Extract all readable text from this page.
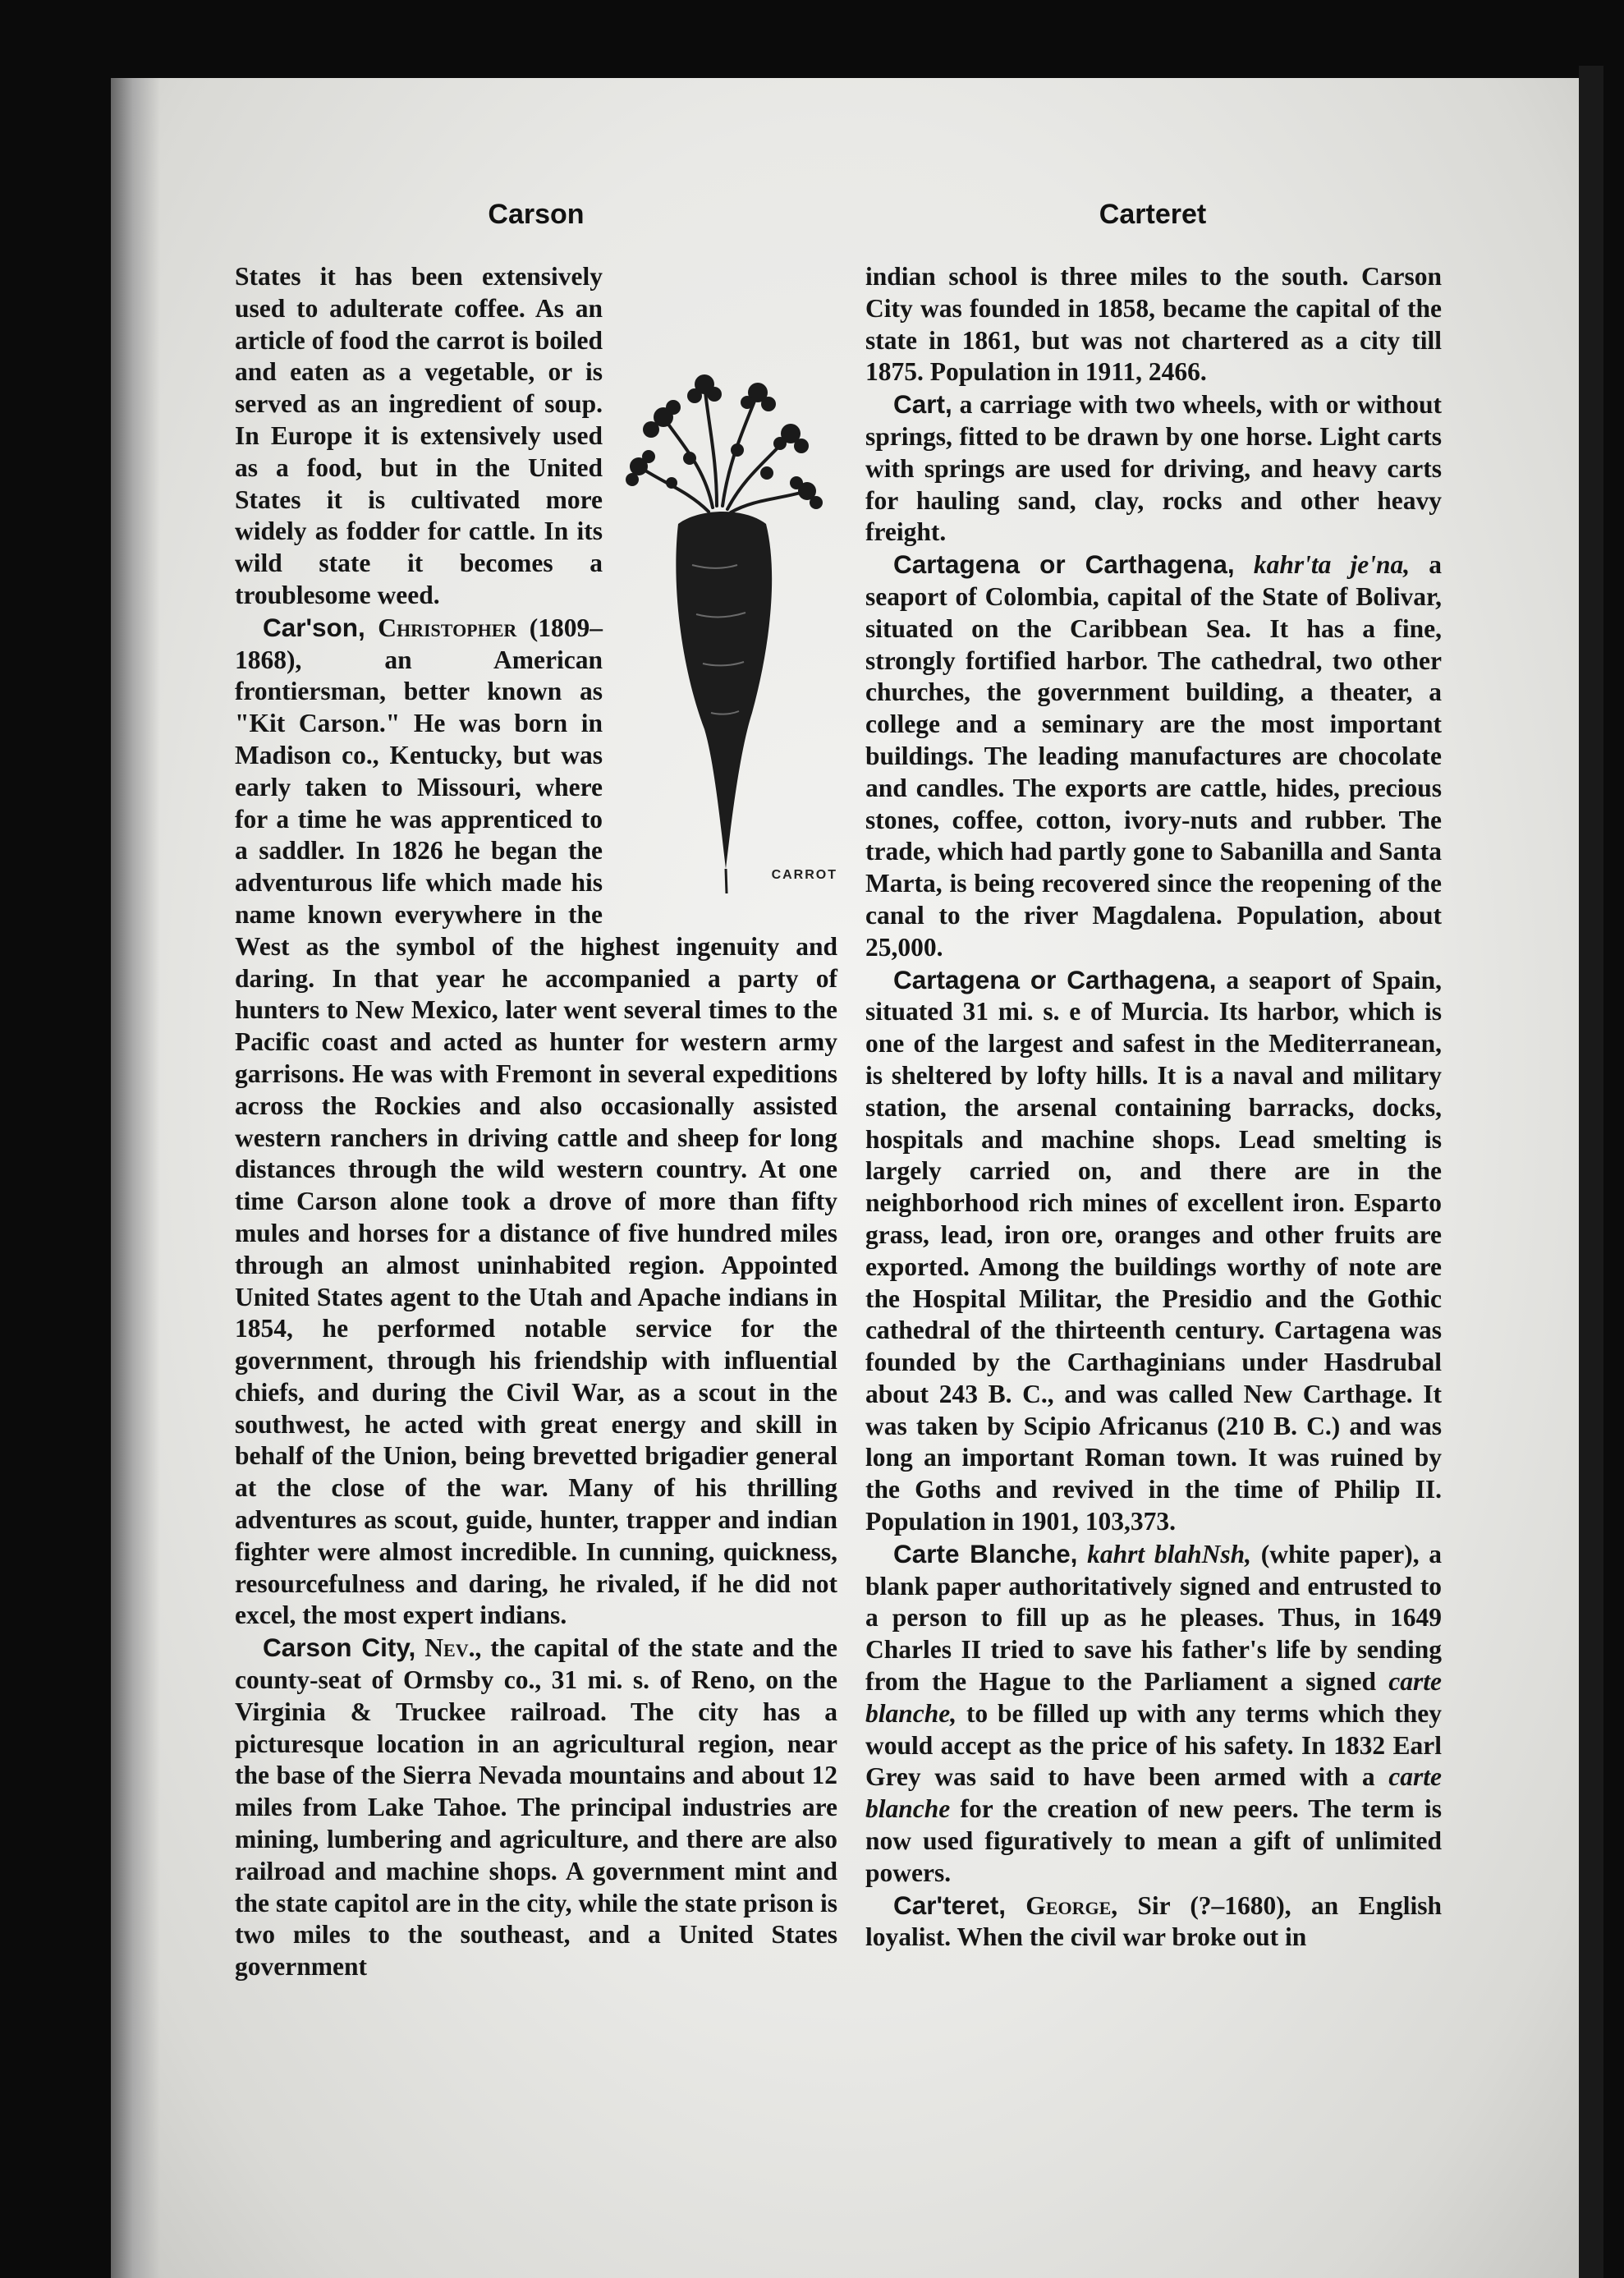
Carson	Carteret
CARROT

States it has been extensively used to adulterate coffee. As an article of food the carrot is boiled and eaten as a vegetable, or is served as an ingredient of soup. In Europe it is extensively used as a food, but in the United States it is cultivated more widely as fodder for cattle. In its wild state it becomes a troublesome weed.

Car'son, Christopher (1809–1868), an American frontiersman, better known as "Kit Carson." He was born in Madison co., Kentucky, but was early taken to Missouri, where for a time he was apprenticed to a saddler. In 1826 he began the adventurous life which made his name known everywhere in the West as the symbol of the highest ingenuity and daring. In that year he accompanied a party of hunters to New Mexico, later went several times to the Pacific coast and acted as hunter for western army garrisons. He was with Fremont in several expeditions across the Rockies and also occasionally assisted western ranchers in driving cattle and sheep for long distances through the wild western country. At one time Carson alone took a drove of more than fifty mules and horses for a distance of five hundred miles through an almost uninhabited region. Appointed United States agent to the Utah and Apache indians in 1854, he performed notable service for the government, through his friendship with influential chiefs, and during the Civil War, as a scout in the southwest, he acted with great energy and skill in behalf of the Union, being brevetted brigadier general at the close of the war. Many of his thrilling adventures as scout, guide, hunter, trapper and indian fighter were almost incredible. In cunning, quickness, resourcefulness and daring, he rivaled, if he did not excel, the most expert indians.

Carson City, Nev., the capital of the state and the county-seat of Ormsby co., 31 mi. s. of Reno, on the Virginia & Truckee railroad. The city has a picturesque location in an agricultural region, near the base of the Sierra Nevada mountains and about 12 miles from Lake Tahoe. The principal industries are mining, lumbering and agriculture, and there are also railroad and machine shops. A government mint and the state capitol are in the city, while the state prison is two miles to the southeast, and a United States government

indian school is three miles to the south. Carson City was founded in 1858, became the capital of the state in 1861, but was not chartered as a city till 1875. Population in 1911, 2466.

Cart, a carriage with two wheels, with or without springs, fitted to be drawn by one horse. Light carts with springs are used for driving, and heavy carts for hauling sand, clay, rocks and other heavy freight.

Cartagena or Carthagena, kahr'ta je'na, a seaport of Colombia, capital of the State of Bolivar, situated on the Caribbean Sea. It has a fine, strongly fortified harbor. The cathedral, two other churches, the government building, a theater, a college and a seminary are the most important buildings. The leading manufactures are chocolate and candles. The exports are cattle, hides, precious stones, coffee, cotton, ivory-nuts and rubber. The trade, which had partly gone to Sabanilla and Santa Marta, is being recovered since the reopening of the canal to the river Magdalena. Population, about 25,000.

Cartagena or Carthagena, a seaport of Spain, situated 31 mi. s. e of Murcia. Its harbor, which is one of the largest and safest in the Mediterranean, is sheltered by lofty hills. It is a naval and military station, the arsenal containing barracks, docks, hospitals and machine shops. Lead smelting is largely carried on, and there are in the neighborhood rich mines of excellent iron. Esparto grass, lead, iron ore, oranges and other fruits are exported. Among the buildings worthy of note are the Hospital Militar, the Presidio and the Gothic cathedral of the thirteenth century. Cartagena was founded by the Carthaginians under Hasdrubal about 243 B. C., and was called New Carthage. It was taken by Scipio Africanus (210 B. C.) and was long an important Roman town. It was ruined by the Goths and revived in the time of Philip II. Population in 1901, 103,373.

Carte Blanche, kahrt blahNsh, (white paper), a blank paper authoritatively signed and entrusted to a person to fill up as he pleases. Thus, in 1649 Charles II tried to save his father's life by sending from the Hague to the Parliament a signed carte blanche, to be filled up with any terms which they would accept as the price of his safety. In 1832 Earl Grey was said to have been armed with a carte blanche for the creation of new peers. The term is now used figuratively to mean a gift of unlimited powers.

Car'teret, George, Sir (?–1680), an English loyalist. When the civil war broke out in
